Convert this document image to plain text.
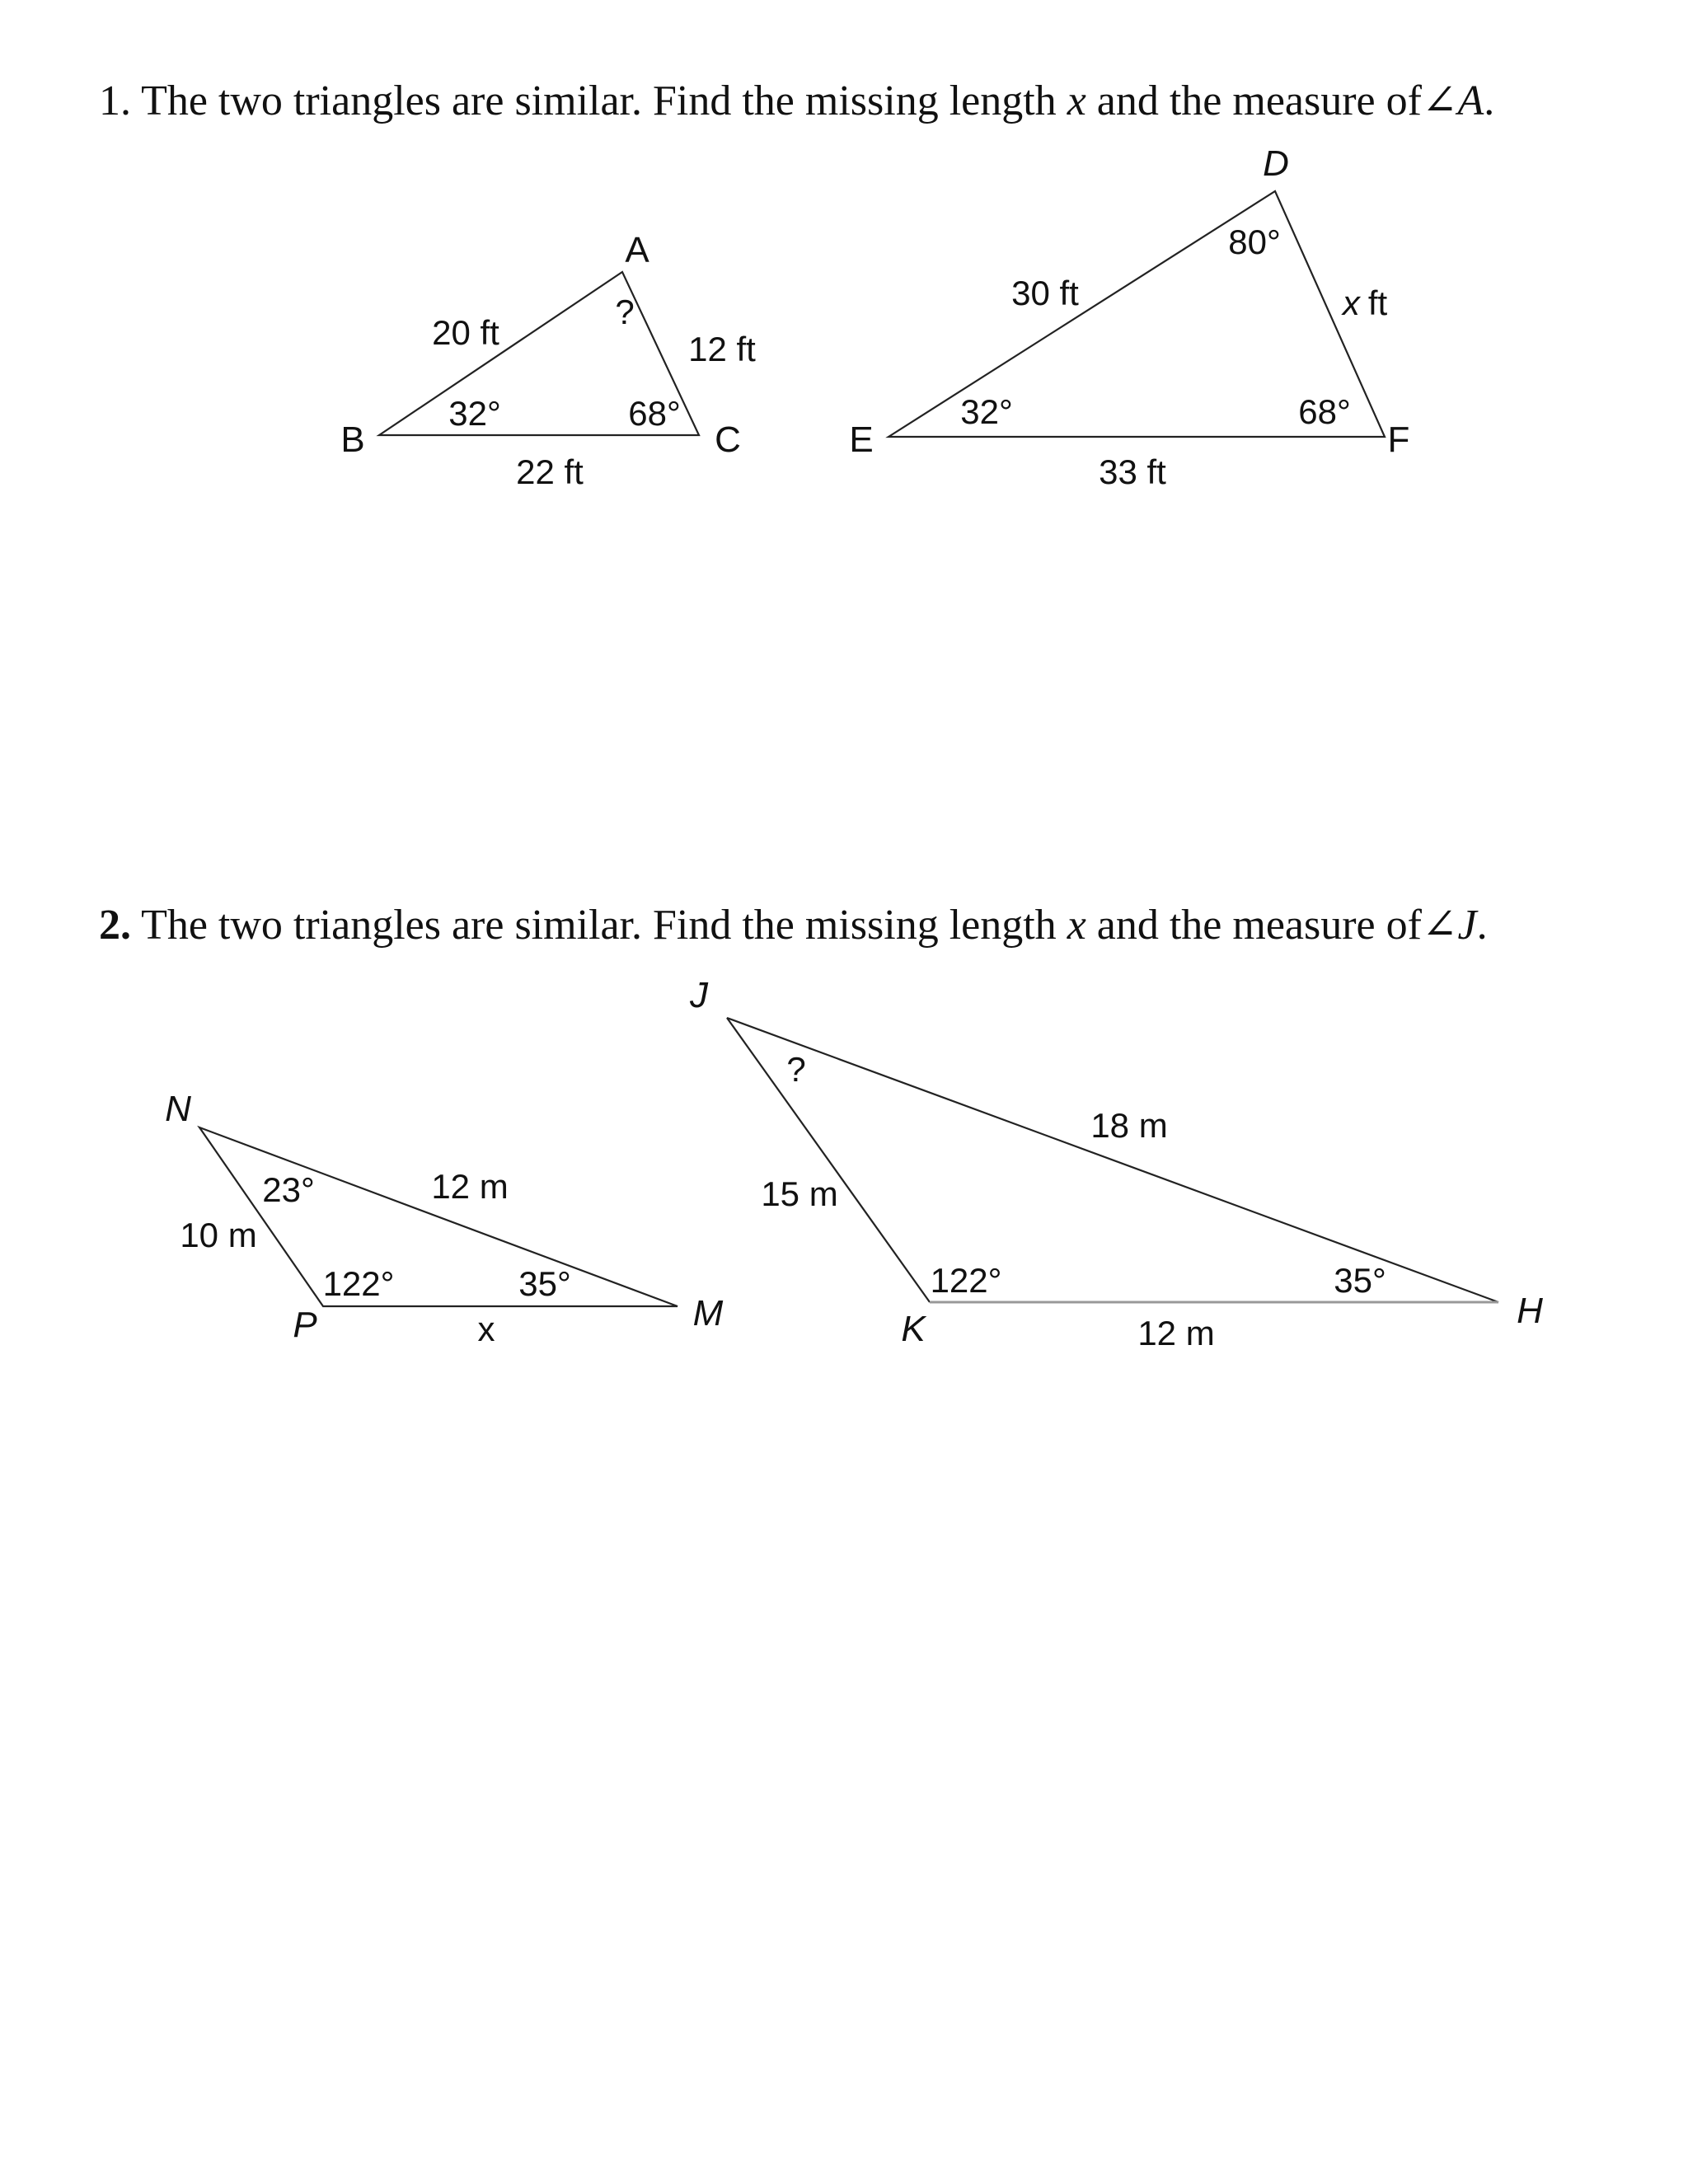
1. The two triangles are similar. Find the missing length x and the measure of∠A.
A
B	C
20 ft	12 ft
22 ft
?
32°	68°
D
E	F
30 ft	x ft
33 ft
80°
32°	68°
2. The two triangles are similar. Find the missing length x and the measure of∠J.
N
P	M
10 m
12 m
x
23°
122°	35°
J
K	H
15 m
18 m
12 m
?
122°	35°
